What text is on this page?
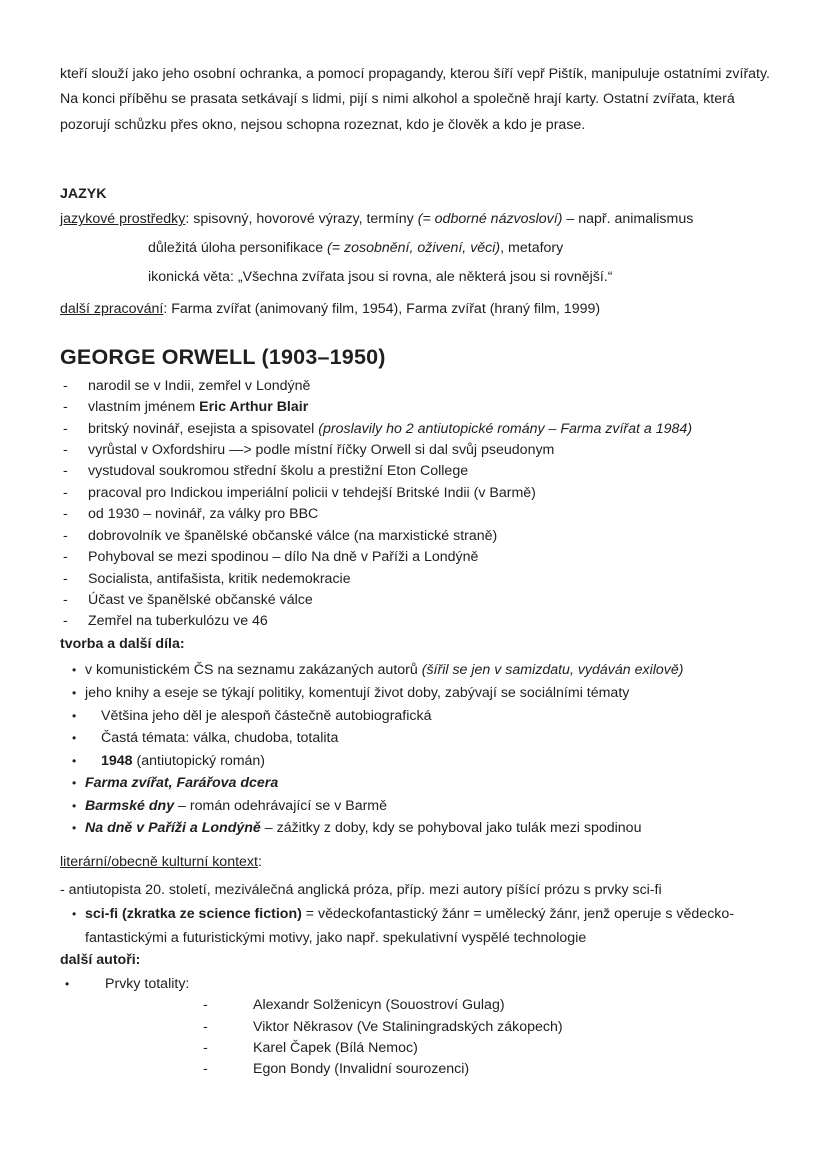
kteří slouží jako jeho osobní ochranka, a pomocí propagandy, kterou šíří vepř Pištík, manipuluje ostatními zvířaty. Na konci příběhu se prasata setkávají s lidmi, pijí s nimi alkohol a společně hrají karty. Ostatní zvířata, která pozorují schůzku přes okno, nejsou schopna rozeznat, kdo je člověk a kdo je prase.
JAZYK
jazykové prostředky: spisovný, hovorové výrazy, termíny (= odborné názvosloví) – např. animalismus
důležitá úloha personifikace (= zosobnění, oživení, věci), metafory
ikonická věta: „Všechna zvířata jsou si rovna, ale některá jsou si rovnější.“
další zpracování: Farma zvířat (animovaný film, 1954), Farma zvířat (hraný film, 1999)
GEORGE ORWELL (1903–1950)
-	narodil se v Indii, zemřel v Londýně
-	vlastním jménem Eric Arthur Blair
-	britský novinář, esejista a spisovatel (proslavily ho 2 antiutopické romány – Farma zvířat a 1984)
-	vyrůstal v Oxfordshiru —> podle místní říčky Orwell si dal svůj pseudonym
-	vystudoval soukromou střední školu a prestižní Eton College
-	pracoval pro Indickou imperiální policii v tehdejší Britské Indii (v Barmě)
-	od 1930 – novinář, za války pro BBC
-	dobrovolník ve španělské občanské válce (na marxistické straně)
-	Pohyboval se mezi spodinou – dílo Na dně v Paříži a Londýně
-	Socialista, antifašista, kritik nedemokracie
-	Účast ve španělské občanské válce
-	Zemřel na tuberkulózu ve 46
tvorba a další díla:
• v komunistickém ČS na seznamu zakázaných autorů (šířil se jen v samizdatu, vydáván exilově)
• jeho knihy a eseje se týkají politiky, komentují život doby, zabývají se sociálními tématy
•	Většina jeho děl je alespoň částečně autobiografická
•	Častá témata: válka, chudoba, totalita
•	1948 (antiutopický román)
• Farma zvířat, Farářova dcera
• Barmské dny – román odehrávající se v Barmě
• Na dně v Paříži a Londýně – zážitky z doby, kdy se pohyboval jako tulák mezi spodinou
literární/obecně kulturní kontext:
- antiutopista 20. století, meziválečná anglická próza, příp. mezi autory píšící prózu s prvky sci-fi
• sci-fi (zkratka ze science fiction) = vědeckofantastický žánr = umělecký žánr, jenž operuje s vědecko-fantastickými a futuristickými motivy, jako např. spekulativní vyspělé technologie
další autoři:
•	Prvky totality:
-	Alexandr Solženicyn (Souostroví Gulag)
-	Viktor Někrasov (Ve Staliningradských zákopech)
-	Karel Čapek (Bílá Nemoc)
-	Egon Bondy (Invalidní sourozenci)
